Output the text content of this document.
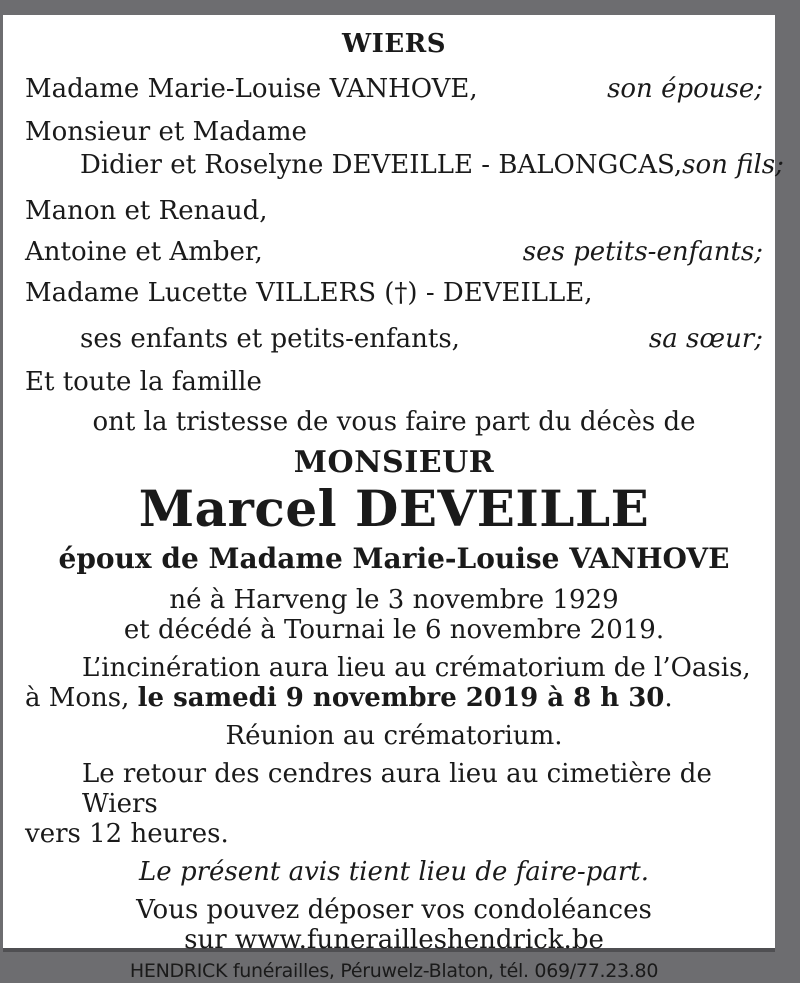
WIERS
Madame Marie-Louise VANHOVE,	son épouse;
Monsieur et Madame
Didier et Roselyne DEVEILLE - BALONGCAS, son fils;
Manon et Renaud,
Antoine et Amber,	ses petits-enfants;
Madame Lucette VILLERS (†) - DEVEILLE,
ses enfants et petits-enfants,	sa sœur;
Et toute la famille
ont la tristesse de vous faire part du décès de
MONSIEUR
Marcel DEVEILLE
époux de Madame Marie-Louise VANHOVE
né à Harveng le 3 novembre 1929
et décédé à Tournai le 6 novembre 2019.
L’incinération aura lieu au crématorium de l’Oasis,
à Mons, le samedi 9 novembre 2019 à 8 h 30.
Réunion au crématorium.
Le retour des cendres aura lieu au cimetière de Wiers
vers 12 heures.
Le présent avis tient lieu de faire-part.
Vous pouvez déposer vos condoléances
sur www.funerailleshendrick.be
HENDRICK funérailles, Péruwelz-Blaton, tél. 069/77.23.80
